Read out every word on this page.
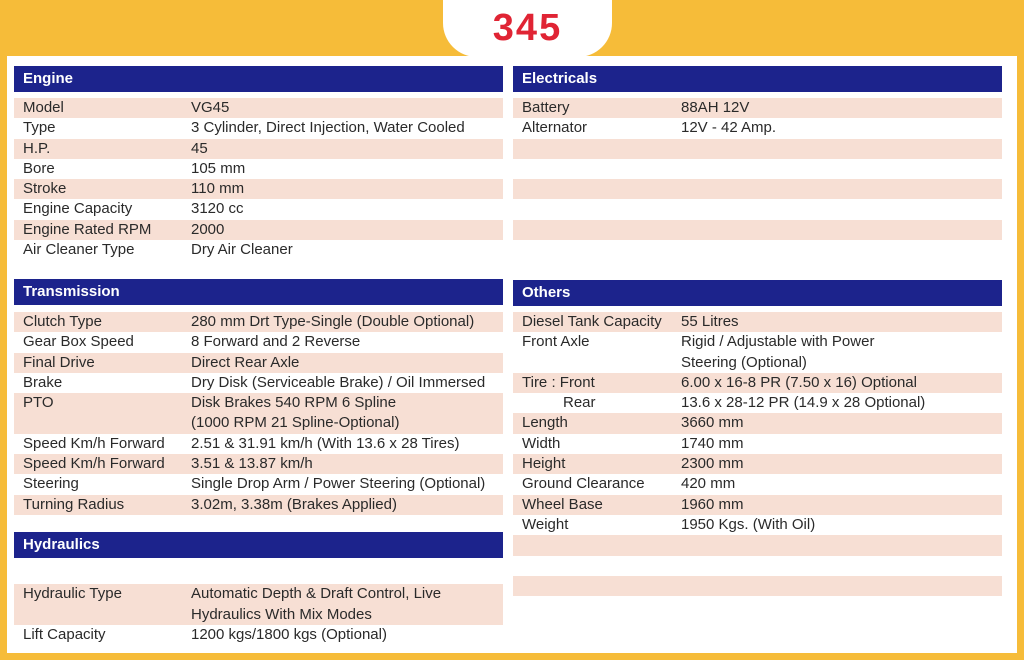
345
Engine
Model	VG45
Type	3 Cylinder, Direct Injection, Water Cooled
H.P.	45
Bore	105 mm
Stroke	110 mm
Engine Capacity	3120 cc
Engine Rated RPM	2000
Air Cleaner Type	Dry Air Cleaner
Electricals
Battery	88AH 12V
Alternator	12V - 42 Amp.
Transmission
Clutch Type	280 mm Drt Type-Single (Double Optional)
Gear Box Speed	8 Forward and 2 Reverse
Final Drive	Direct Rear Axle
Brake	Dry Disk (Serviceable Brake) / Oil Immersed
PTO	Disk Brakes 540 RPM 6 Spline
(1000 RPM 21 Spline-Optional)
Speed Km/h Forward	2.51 & 31.91 km/h (With 13.6 x 28 Tires)
Speed Km/h Forward	3.51 & 13.87 km/h
Steering	Single Drop Arm / Power Steering (Optional)
Turning Radius	3.02m, 3.38m (Brakes Applied)
Others
Diesel Tank Capacity	55 Litres
Front Axle	Rigid / Adjustable with Power
Steering (Optional)
Tire : Front	6.00 x 16-8 PR (7.50 x 16) Optional
Rear	13.6 x 28-12 PR (14.9 x 28 Optional)
Length	3660 mm
Width	1740 mm
Height	2300 mm
Ground Clearance	420 mm
Wheel Base	1960 mm
Weight	1950 Kgs. (With Oil)
Hydraulics
Hydraulic Type	Automatic Depth & Draft Control, Live
Hydraulics With Mix Modes
Lift Capacity	1200 kgs/1800 kgs (Optional)
